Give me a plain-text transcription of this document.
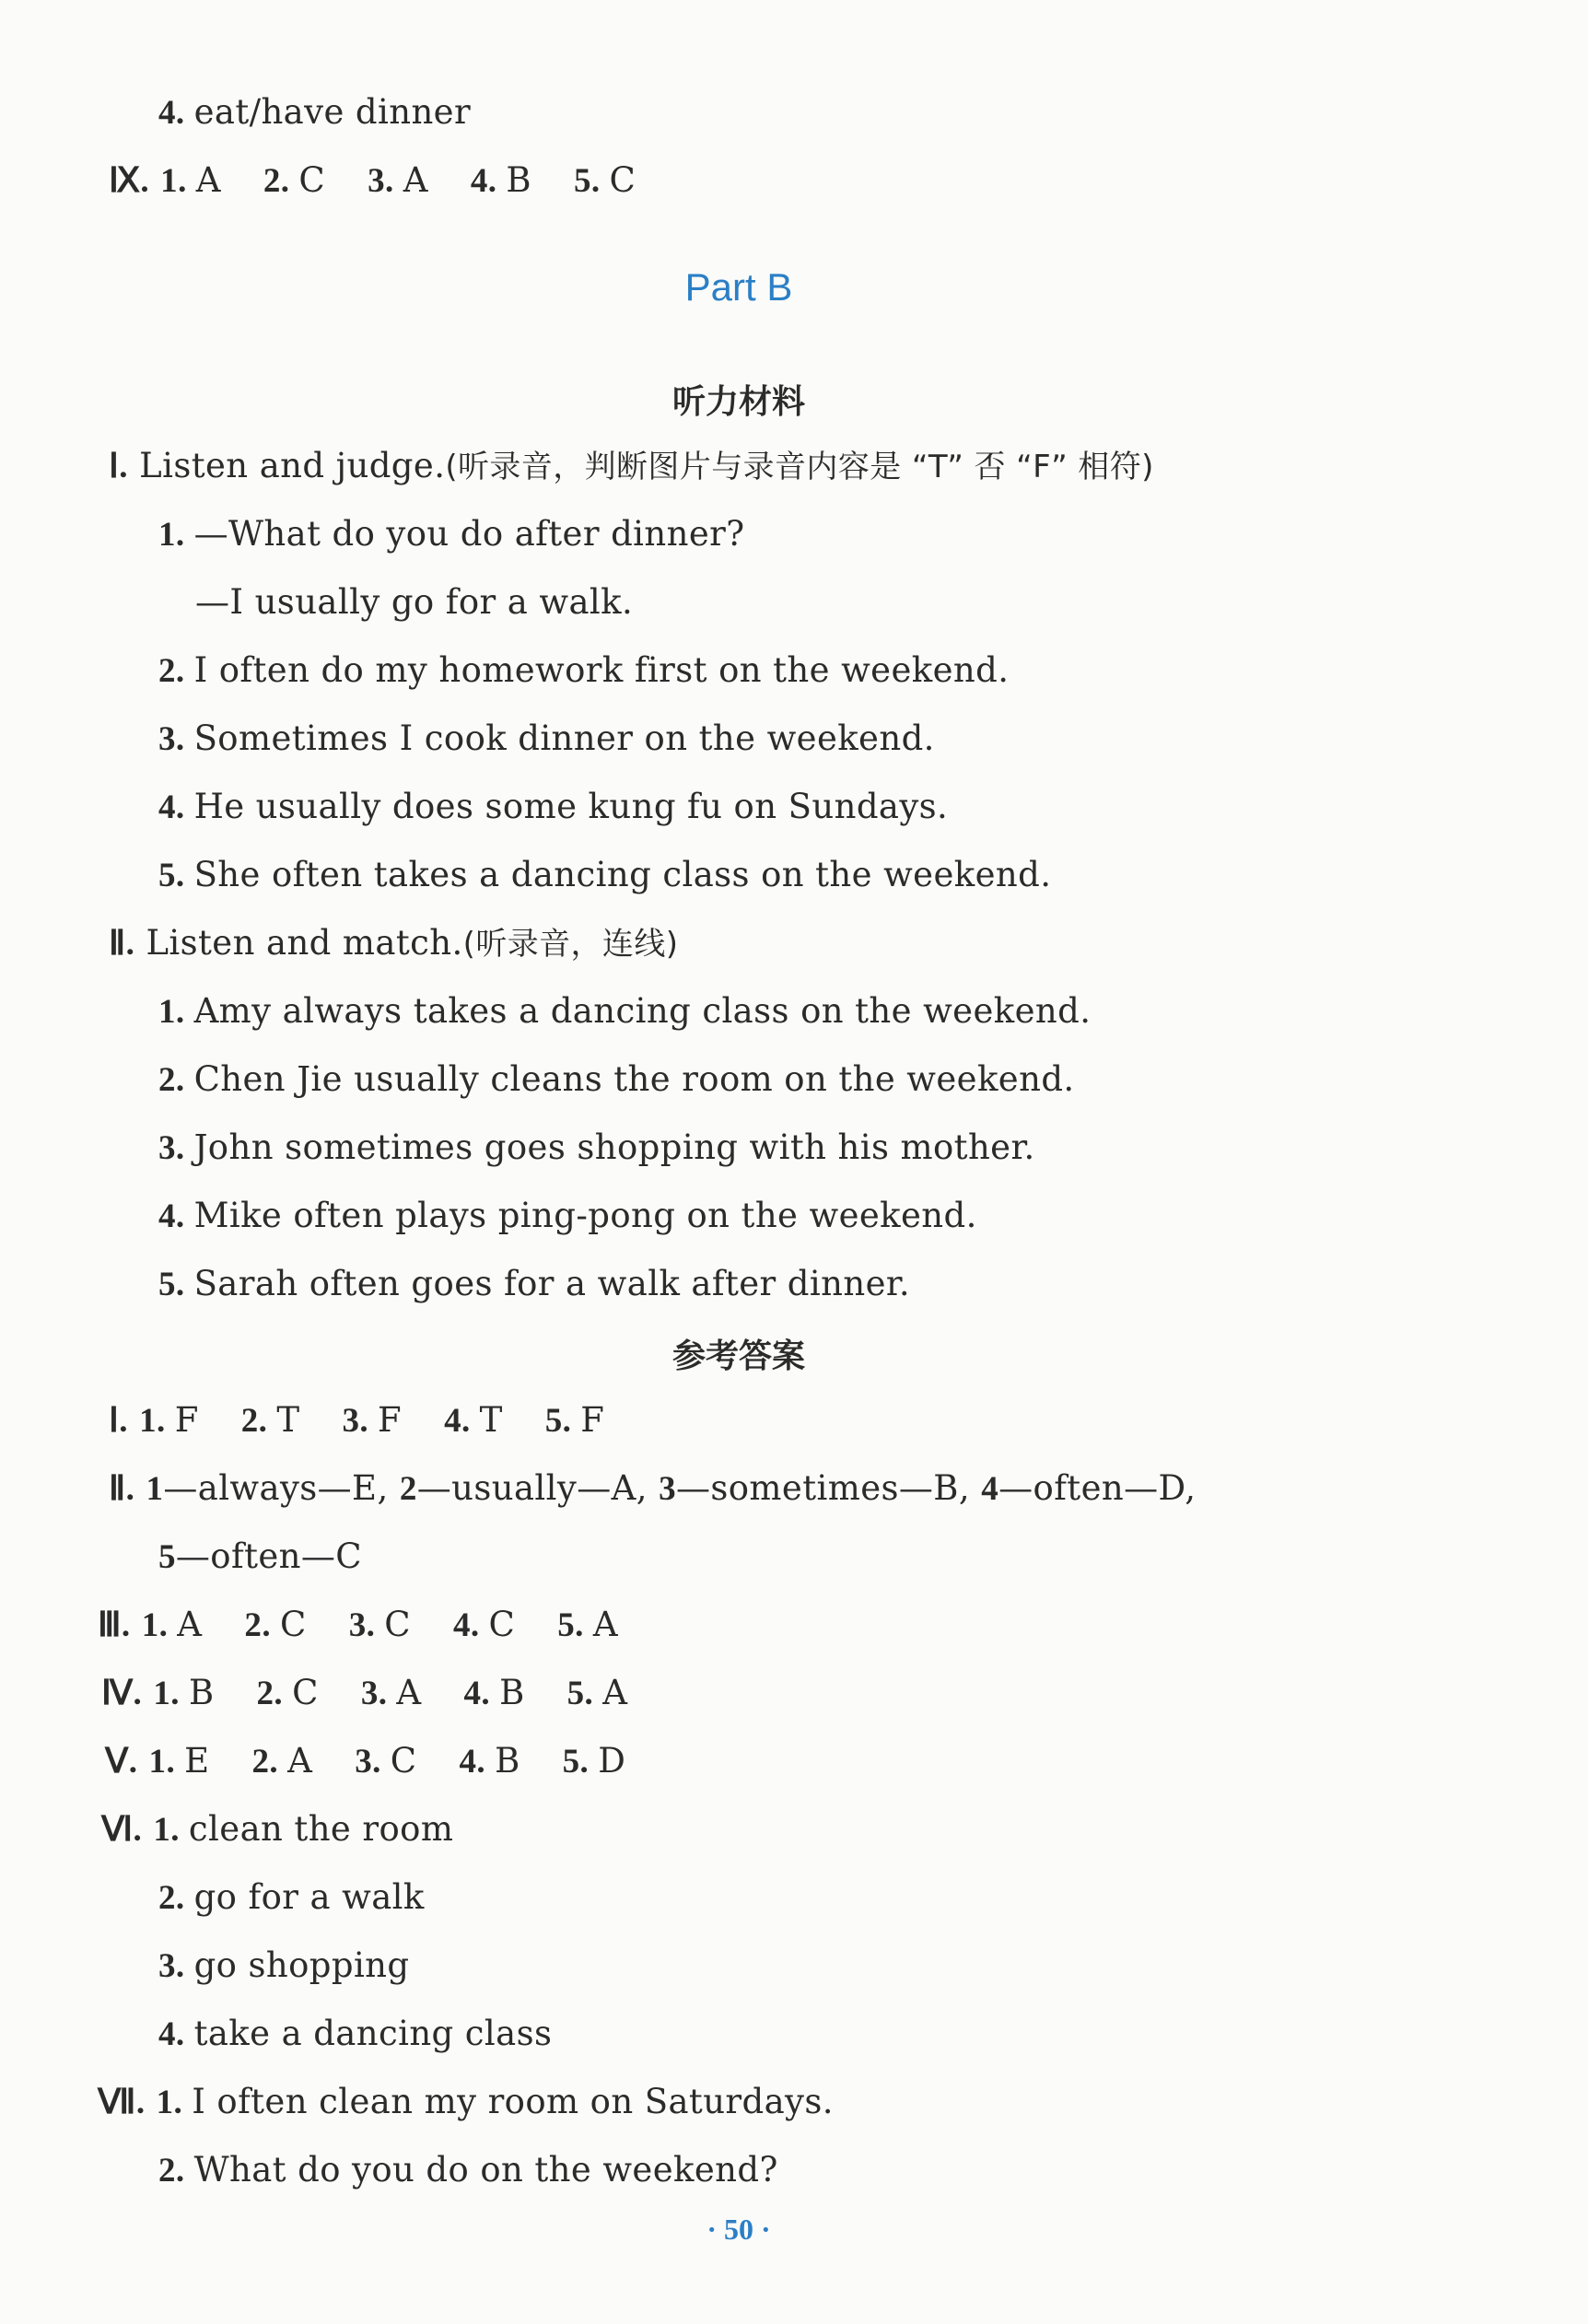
4. eat/have dinner
Ⅸ. 1. A 2. C 3. A 4. B 5. C
Part B
听力材料
Ⅰ. Listen and judge.(听录音，判断图片与录音内容是 “T” 否 “F” 相符)
1. —What do you do after dinner?
—I usually go for a walk.
2. I often do my homework first on the weekend.
3. Sometimes I cook dinner on the weekend.
4. He usually does some kung fu on Sundays.
5. She often takes a dancing class on the weekend.
Ⅱ. Listen and match.(听录音，连线)
1. Amy always takes a dancing class on the weekend.
2. Chen Jie usually cleans the room on the weekend.
3. John sometimes goes shopping with his mother.
4. Mike often plays ping-pong on the weekend.
5. Sarah often goes for a walk after dinner.
参考答案
Ⅰ. 1. F 2. T 3. F 4. T 5. F
Ⅱ. 1—always—E, 2—usually—A, 3—sometimes—B, 4—often—D,
5—often—C
Ⅲ. 1. A 2. C 3. C 4. C 5. A
Ⅳ. 1. B 2. C 3. A 4. B 5. A
Ⅴ. 1. E 2. A 3. C 4. B 5. D
Ⅵ. 1. clean the room
2. go for a walk
3. go shopping
4. take a dancing class
Ⅶ. 1. I often clean my room on Saturdays.
2. What do you do on the weekend?
· 50 ·
